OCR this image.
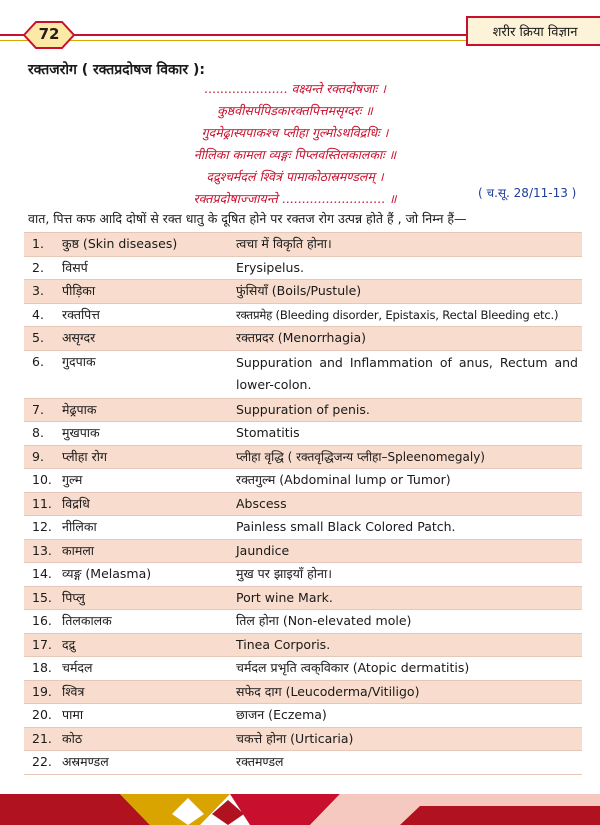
72	शरीर क्रिया विज्ञान
रक्तजरोग ( रक्तप्रदोषज विकार ):
..................... वक्ष्यन्ते रक्तदोषजाः ।
कुष्ठवीसर्पपिडकारक्तपित्तमसृग्दरः ॥
गुदमेढ्रास्यपाकश्च प्लीहा गुल्मोऽथविद्रधिः ।
नीलिका कामला व्यङ्गः पिप्लवस्तिलकालकाः ॥
दद्रुश्चर्मदलं श्वित्रं पामाकोठास्रमण्डलम् ।
रक्तप्रदोषाज्जायन्ते .......................... ॥	( च.सू. 28/11-13 )
वात, पित्त कफ आदि दोषों से रक्त धातु के दूषित होने पर रक्तज रोग उत्पन्न होते हैं , जो निम्न हैं—
1.	कुष्ठ (Skin diseases)	त्वचा में विकृति होना।
2.	विसर्प	Erysipelus.
3.	पीड़िका	फुंसियाँ (Boils/Pustule)
4.	रक्तपित्त	रक्तप्रमेह (Bleeding disorder, Epistaxis, Rectal Bleeding etc.)
5.	असृग्दर	रक्तप्रदर (Menorrhagia)
6.	गुदपाक	Suppuration and Inflammation of anus, Rectum and lower-colon.
7.	मेढ्रपाक	Suppuration of penis.
8.	मुखपाक	Stomatitis
9.	प्लीहा रोग	प्लीहा वृद्धि ( रक्तवृद्धिजन्य प्लीहा–Spleenomegaly)
10. गुल्म	रक्तगुल्म (Abdominal lump or Tumor)
11. विद्रधि	Abscess
12. नीलिका	Painless small Black Colored Patch.
13. कामला	Jaundice
14. व्यङ्ग (Melasma)	मुख पर झाइयाँ होना।
15. पिप्लु	Port wine Mark.
16. तिलकालक	तिल होना (Non-elevated mole)
17. दद्रु	Tinea Corporis.
18. चर्मदल	चर्मदल प्रभृति त्वक्‌विकार (Atopic dermatitis)
19. श्वित्र	सफेद दाग (Leucoderma/Vitiligo)
20. पामा	छाजन (Eczema)
21. कोठ	चकत्ते होना (Urticaria)
22. अस्रमण्डल	रक्तमण्डल
